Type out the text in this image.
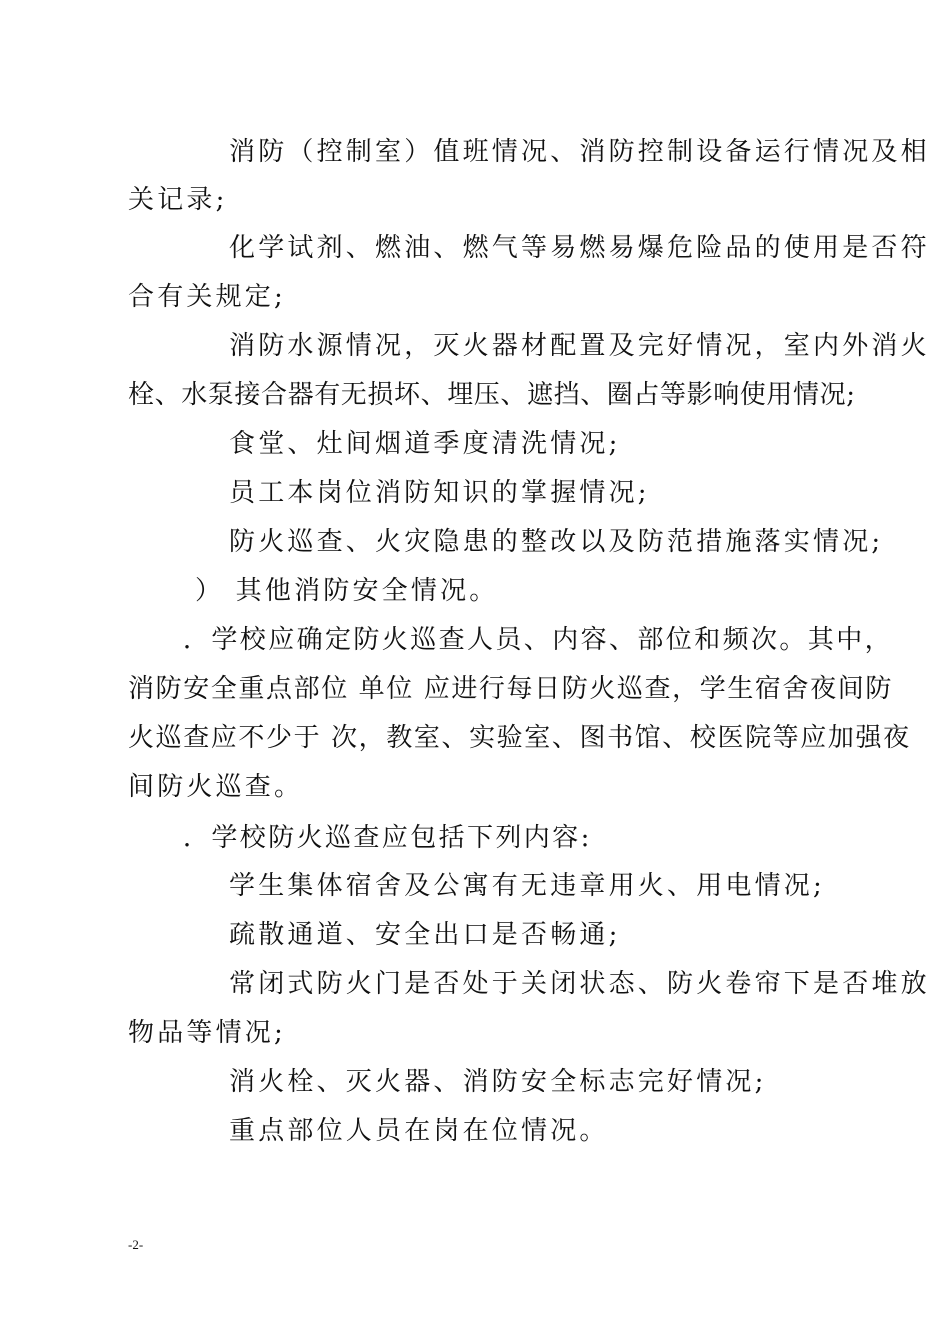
消防（控制室）值班情况、消防控制设备运行情况及相
关记录;
化学试剂、燃油、燃气等易燃易爆危险品的使用是否符
合有关规定;
消防水源情况，灭火器材配置及完好情况，室内外消火
栓、水泵接合器有无损坏、埋压、遮挡、圈占等影响使用情况;
食堂、灶间烟道季度清洗情况;
员工本岗位消防知识的掌握情况;
防火巡查、火灾隐患的整改以及防范措施落实情况;
） 其他消防安全情况。
．学校应确定防火巡查人员、内容、部位和频次。其中，
消防安全重点部位 单位 应进行每日防火巡查，学生宿舍夜间防
火巡查应不少于 次，教室、实验室、图书馆、校医院等应加强夜
间防火巡查。
．学校防火巡查应包括下列内容:
学生集体宿舍及公寓有无违章用火、用电情况;
疏散通道、安全出口是否畅通;
常闭式防火门是否处于关闭状态、防火卷帘下是否堆放
物品等情况;
消火栓、灭火器、消防安全标志完好情况;
重点部位人员在岗在位情况。
-2-
